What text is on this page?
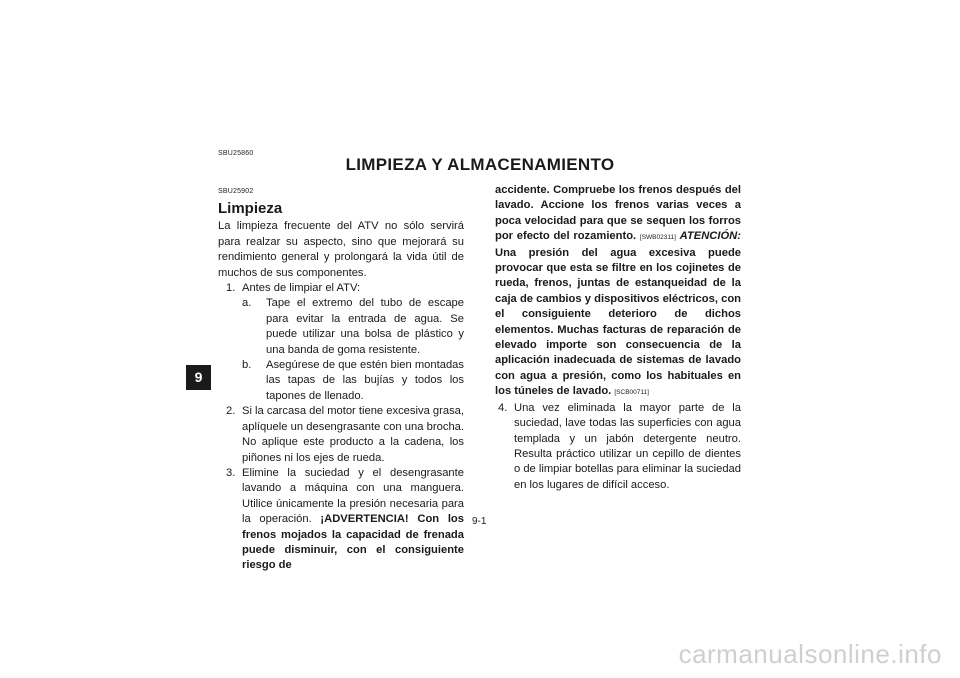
SBU25860
LIMPIEZA Y ALMACENAMIENTO
9
SBU25902
Limpieza

La limpieza frecuente del ATV no sólo servirá para realzar su aspecto, sino que mejorará su rendimiento general y prolongará la vida útil de muchos de sus componentes.

1. Antes de limpiar el ATV:
a. Tape el extremo del tubo de escape para evitar la entrada de agua. Se puede utilizar una bolsa de plástico y una banda de goma resistente.
b. Asegúrese de que estén bien montadas las tapas de las bujías y todos los tapones de llenado.
2. Si la carcasa del motor tiene excesiva grasa, aplíquele un desengrasante con una brocha. No aplique este producto a la cadena, los piñones ni los ejes de rueda.
3. Elimine la suciedad y el desengrasante lavando a máquina con una manguera. Utilice únicamente la presión necesaria para la operación. ¡ADVERTENCIA! Con los frenos mojados la capacidad de frenada puede disminuir, con el consiguiente riesgo de

accidente. Compruebe los frenos después del lavado. Accione los frenos varias veces a poca velocidad para que se sequen los forros por efecto del rozamiento. [SWB02311] ATENCIÓN: Una presión del agua excesiva puede provocar que esta se filtre en los cojinetes de rueda, frenos, juntas de estanqueidad de la caja de cambios y dispositivos eléctricos, con el consiguiente deterioro de dichos elementos. Muchas facturas de reparación de elevado importe son consecuencia de la aplicación inadecuada de sistemas de lavado con agua a presión, como los habituales en los túneles de lavado. [SCB00711]

4. Una vez eliminada la mayor parte de la suciedad, lave todas las superficies con agua templada y un jabón detergente neutro. Resulta práctico utilizar un cepillo de dientes o de limpiar botellas para eliminar la suciedad en los lugares de difícil acceso.
9-1
carmanualsonline.info
